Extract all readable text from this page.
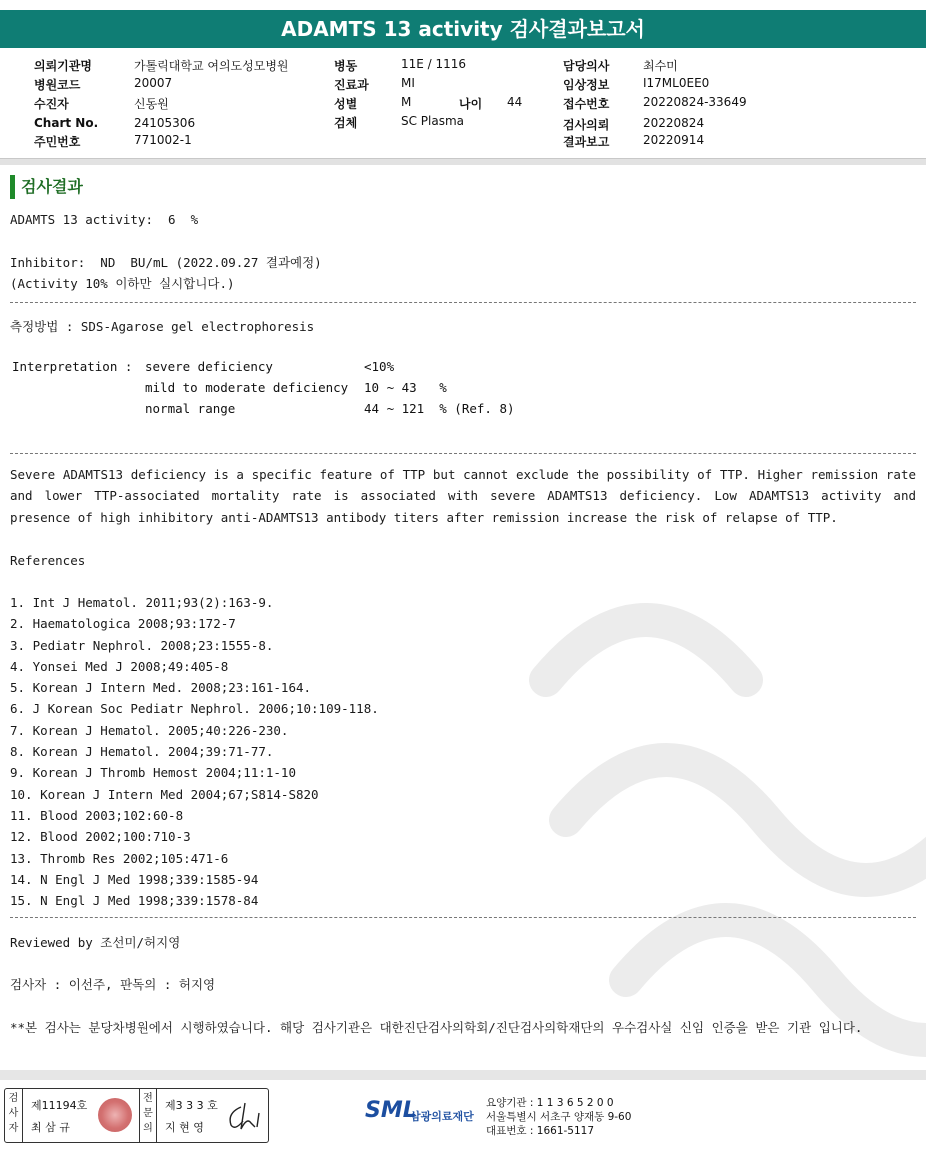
ADAMTS 13 activity 검사결과보고서
의뢰기관명	가톨릭대학교 여의도성모병원
병원코드	20007
수진자	신동원
Chart No.	24105306
주민번호	771002-1
병동	11E / 1116
진료과	MI
성별	M	나이 44
검체	SC Plasma
담당의사	최수미
임상정보	I17ML0EE0
접수번호	20220824-33649
검사의뢰	20220824
결과보고	20220914
검사결과
ADAMTS 13 activity:  6  %
Inhibitor:  ND  BU/mL (2022.09.27 결과예정)
(Activity 10% 이하만 실시합니다.)
측정방법 : SDS-Agarose gel electrophoresis
Interpretation : severe deficiency	<10%
mild to moderate deficiency 10 ~ 43   %
normal range	44 ~ 121  % (Ref. 8)
Severe ADAMTS13 deficiency is a specific feature of TTP but cannot exclude the possibility of TTP. Higher remission rate and lower TTP-associated mortality rate is associated with severe ADAMTS13 deficiency. Low ADAMTS13 activity and presence of high inhibitory anti-ADAMTS13 antibody titers after remission increase the risk of relapse of TTP.
References
1. Int J Hematol. 2011;93(2):163-9.
2. Haematologica 2008;93:172-7
3. Pediatr Nephrol. 2008;23:1555-8.
4. Yonsei Med J 2008;49:405-8
5. Korean J Intern Med. 2008;23:161-164.
6. J Korean Soc Pediatr Nephrol. 2006;10:109-118.
7. Korean J Hematol. 2005;40:226-230.
8. Korean J Hematol. 2004;39:71-77.
9. Korean J Thromb Hemost 2004;11:1-10
10. Korean J Intern Med 2004;67;S814-S820
11. Blood 2003;102:60-8
12. Blood 2002;100:710-3
13. Thromb Res 2002;105:471-6
14. N Engl J Med 1998;339:1585-94
15. N Engl J Med 1998;339:1578-84
Reviewed by 조선미/허지영
검사자 : 이선주, 판독의 : 허지영
**본 검사는 분당차병원에서 시행하였습니다. 해당 검사기관은 대한진단검사의학회/진단검사의학재단의 우수검사실 신임 인증을 받은 기관 입니다.
검
사
자
제11194호
최 삼 규
전
문
의
제3 3 3 호
지 현 영
SML
삼광의료재단
요양기관 : 1 1 3 6 5 2 0 0
서울특별시 서초구 양재동 9-60
대표번호 : 1661-5117
